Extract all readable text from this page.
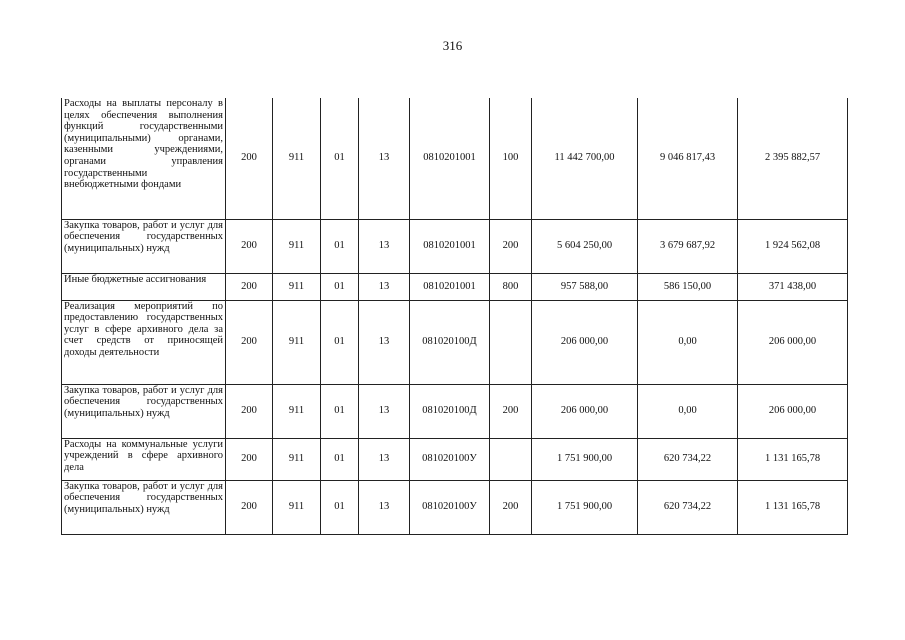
316
Расходы на выплаты персоналу в целях обеспечения выполнения функций государственными (муниципальными) органами, казенными учреждениями, органами управления государственными внебюджетными фондами	200	911	01	13	0810201001	100	11 442 700,00	9 046 817,43	2 395 882,57
Закупка товаров, работ и услуг для обеспечения государственных (муниципальных) нужд	200	911	01	13	0810201001	200	5 604 250,00	3 679 687,92	1 924 562,08
Иные бюджетные ассигнования	200	911	01	13	0810201001	800	957 588,00	586 150,00	371 438,00
Реализация мероприятий по предоставлению государственных услуг в сфере архивного дела за счет средств от приносящей доходы деятельности	200	911	01	13	081020100Д		206 000,00	0,00	206 000,00
Закупка товаров, работ и услуг для обеспечения государственных (муниципальных) нужд	200	911	01	13	081020100Д	200	206 000,00	0,00	206 000,00
Расходы на коммунальные услуги учреждений в сфере архивного дела	200	911	01	13	081020100У		1 751 900,00	620 734,22	1 131 165,78
Закупка товаров, работ и услуг для обеспечения государственных (муниципальных) нужд	200	911	01	13	081020100У	200	1 751 900,00	620 734,22	1 131 165,78
